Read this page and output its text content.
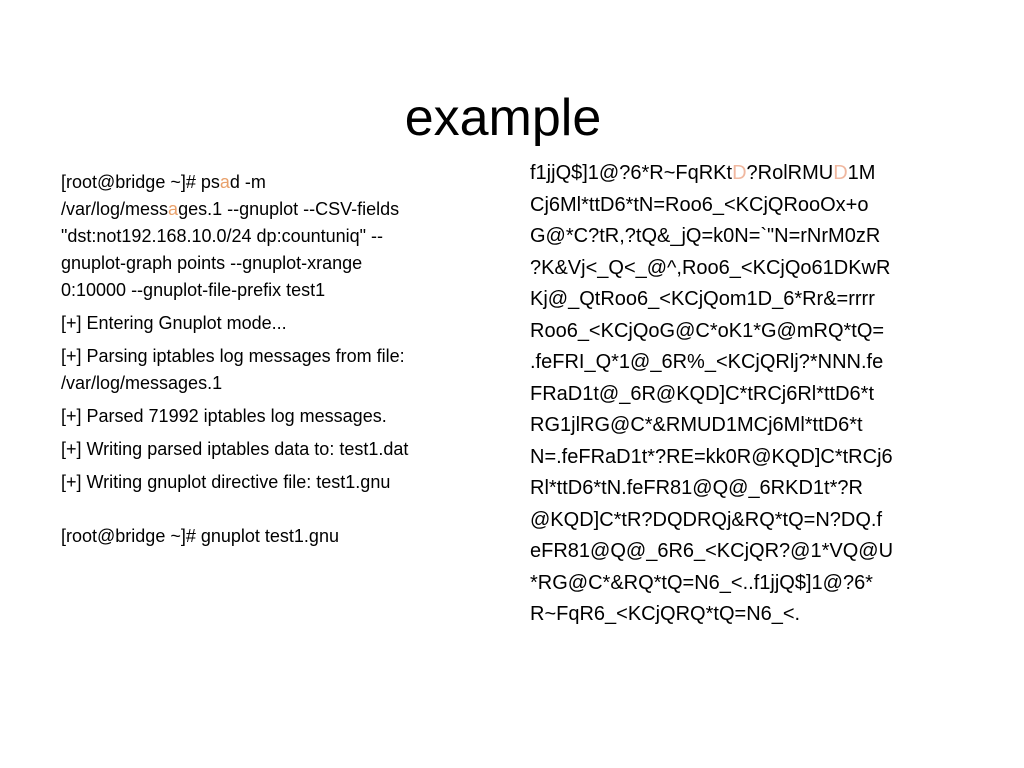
example

[root@bridge ~]# psad -m
/var/log/messages.1 --gnuplot --CSV-fields
"dst:not192.168.10.0/24 dp:countuniq" --
gnuplot-graph points --gnuplot-xrange
0:10000 --gnuplot-file-prefix test1

[+] Entering Gnuplot mode...

[+] Parsing iptables log messages from file: /var/log/messages.1

[+] Parsed 71992 iptables log messages.

[+] Writing parsed iptables data to: test1.dat

[+] Writing gnuplot directive file: test1.gnu

[root@bridge ~]# gnuplot test1.gnu

f1jjQ$]1@?6*R~FqRKtD?RolRMUD1M
Cj6Ml*ttD6*tN=Roo6_<KCjQRooOx+o
G@*C?tR,?tQ&_jQ=k0N=`"N=rNrM0zR
?K&Vj<_Q<_@^,Roo6_<KCjQo61DKwR
Kj@_QtRoo6_<KCjQom1D_6*Rr&=rrrr
Roo6_<KCjQoG@C*oK1*G@mRQ*tQ=
.feFRI_Q*1@_6R%_<KCjQRlj?*NNN.fe
FRaD1t@_6R@KQD]C*tRCj6Rl*ttD6*t
RG1jlRG@C*&RMUD1MCj6Ml*ttD6*t
N=.feFRaD1t*?RE=kk0R@KQD]C*tRCj6
Rl*ttD6*tN.feFR81@Q@_6RKD1t*?R
@KQD]C*tR?DQDRQj&RQ*tQ=N?DQ.f
eFR81@Q@_6R6_<KCjQR?@1*VQ@U
*RG@C*&RQ*tQ=N6_<..f1jjQ$]1@?6*
R~FqR6_<KCjQRQ*tQ=N6_<.
